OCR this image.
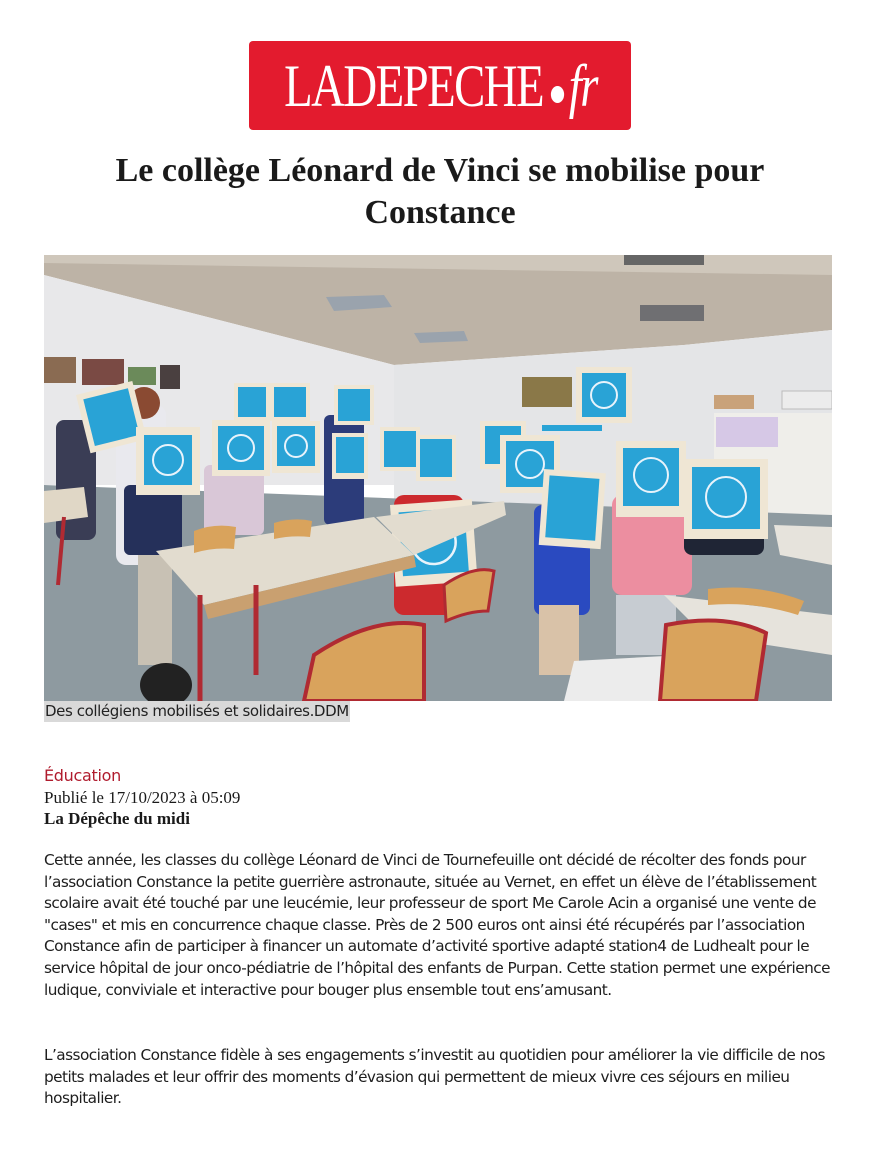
LADEPECHE fr
Le collège Léonard de Vinci se mobilise pour Constance
Des collégiens mobilisés et solidaires.DDM
Éducation
Publié le 17/10/2023 à 05:09
La Dépêche du midi

Cette année, les classes du collège Léonard de Vinci de Tournefeuille ont décidé de récolter des fonds pour l’association Constance la petite guerrière astronaute, située au Vernet, en effet un élève de l’établissement scolaire avait été touché par une leucémie, leur professeur de sport Me Carole Acin a organisé une vente de "cases" et mis en concurrence chaque classe. Près de 2 500 euros ont ainsi été récupérés par l’association Constance afin de participer à financer un automate d’activité sportive adapté station4 de Ludhealt pour le service hôpital de jour onco-pédiatrie de l’hôpital des enfants de Purpan. Cette station permet une expérience ludique, conviviale et interactive pour bouger plus ensemble tout ens’amusant.

L’association Constance fidèle à ses engagements s’investit au quotidien pour améliorer la vie difficile de nos petits malades et leur offrir des moments d’évasion qui permettent de mieux vivre ces séjours en milieu hospitalier.
